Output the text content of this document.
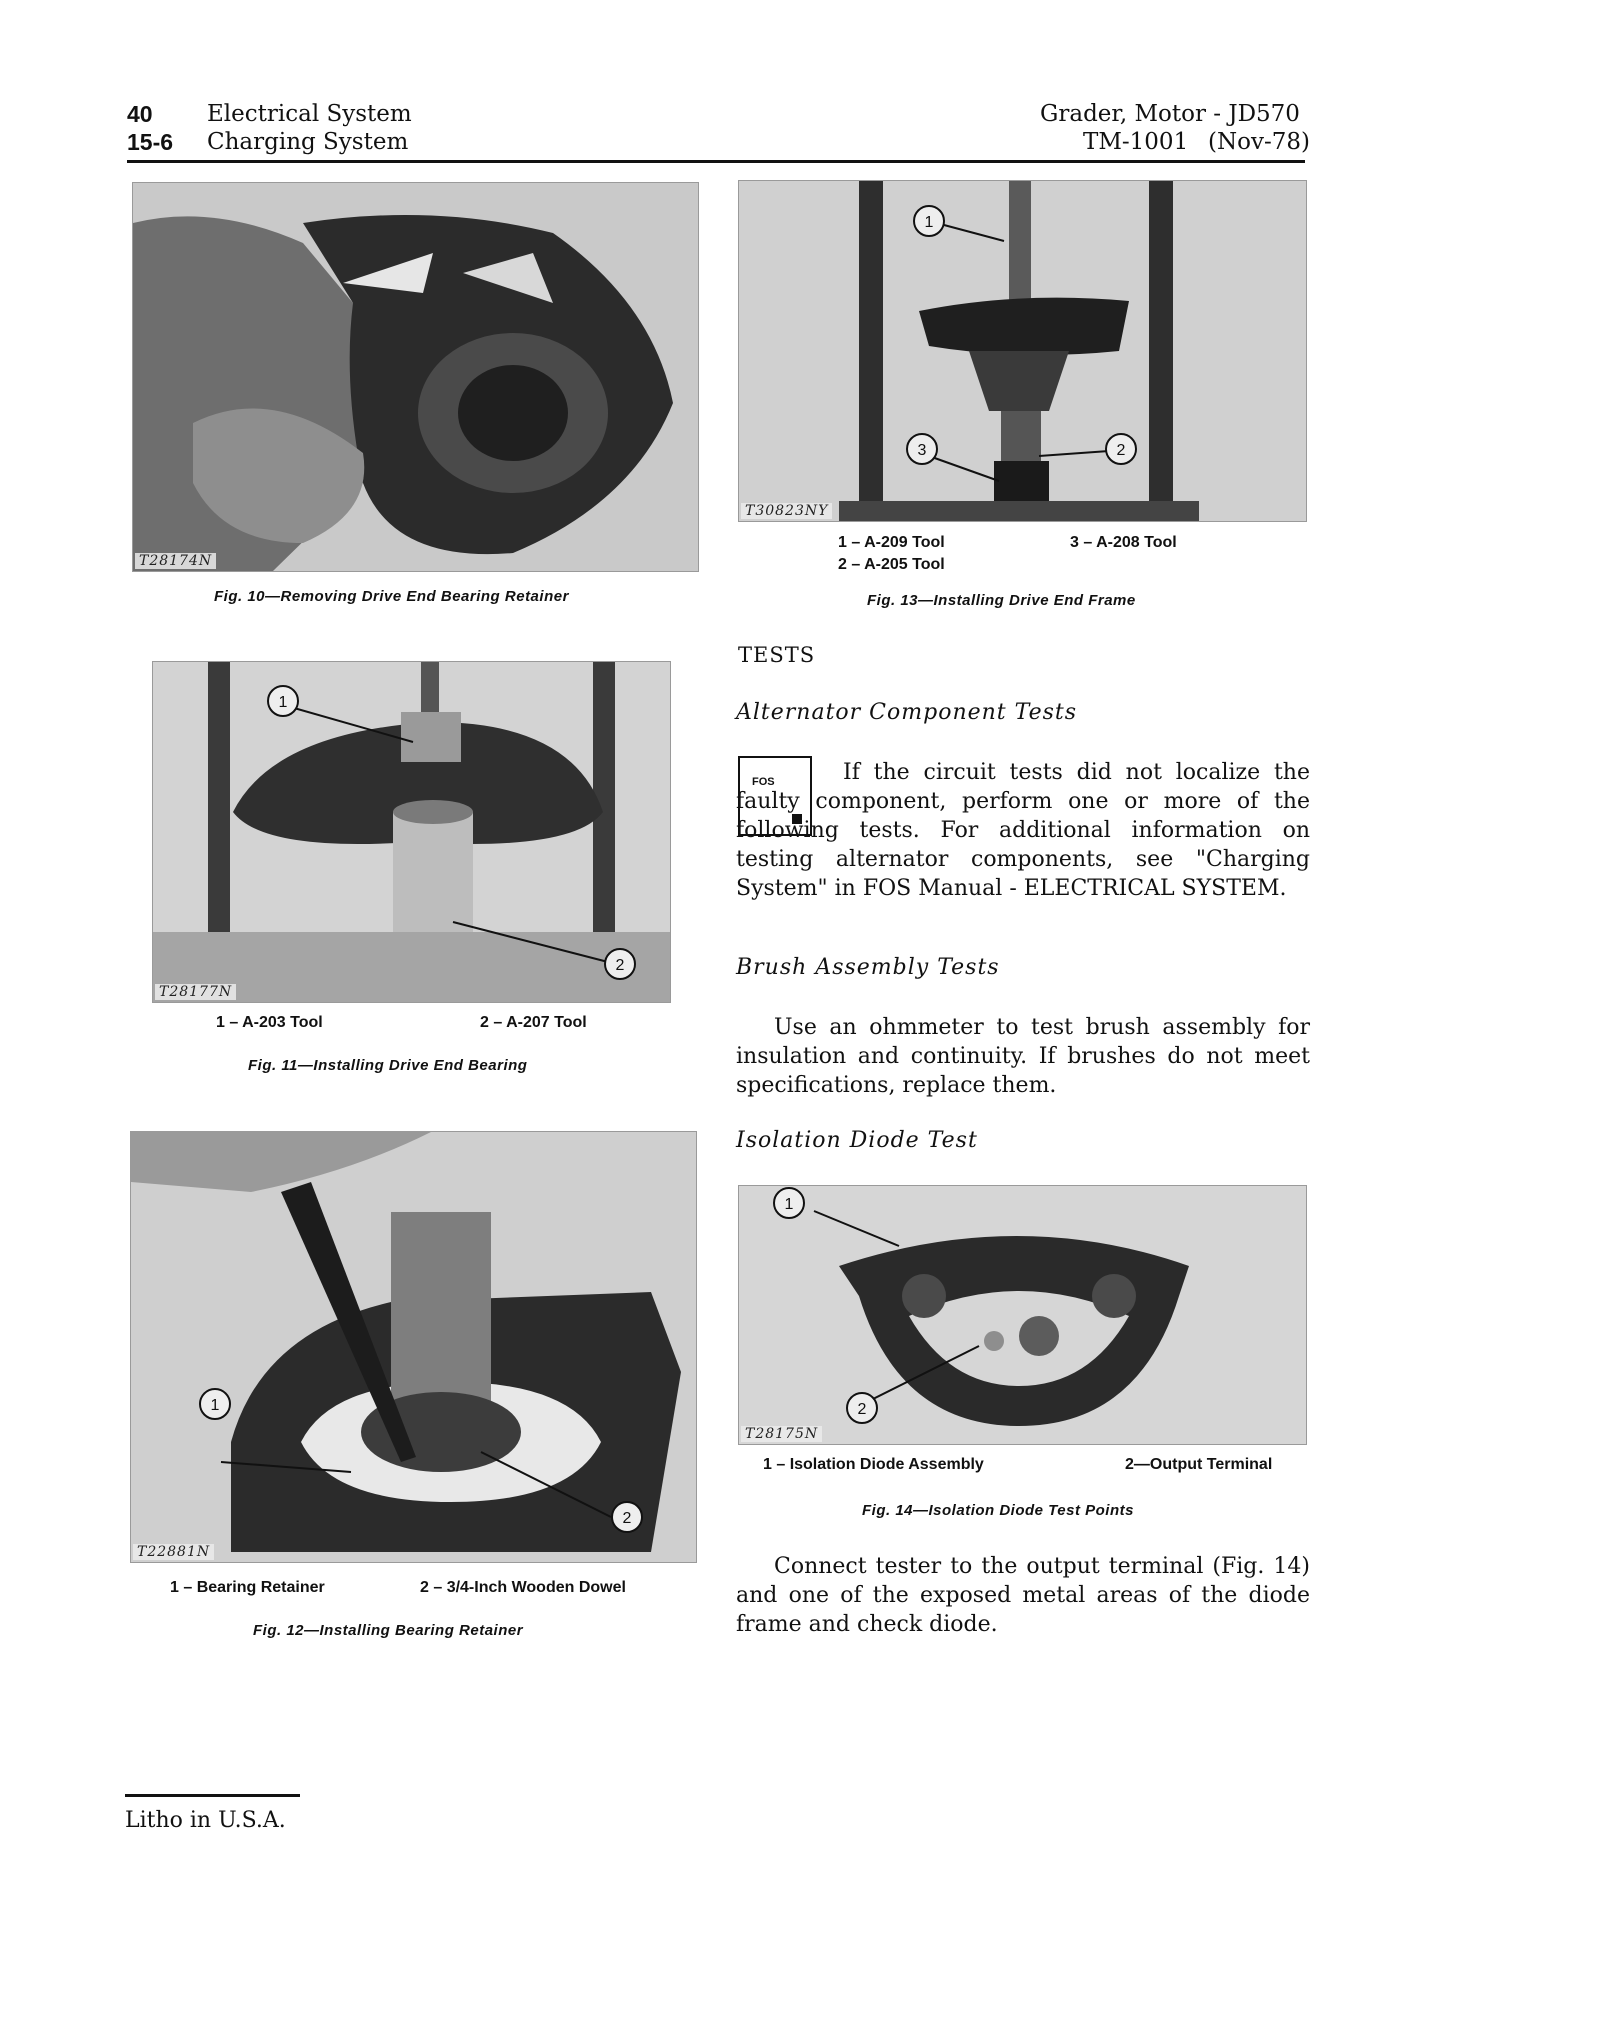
40 Electrical System
15-6 Charging System
Grader, Motor - JD570
TM-1001 (Nov-78)
T28174N
Fig. 10—Removing Drive End Bearing Retainer
1
2
T28177N
1 – A-203 Tool	2 – A-207 Tool
Fig. 11—Installing Drive End Bearing
1
2
T22881N
1 – Bearing Retainer	2 – 3/4-Inch Wooden Dowel
Fig. 12—Installing Bearing Retainer
1
3	2
T30823NY
1 – A-209 Tool
2 – A-205 Tool
3 – A-208 Tool
Fig. 13—Installing Drive End Frame
TESTS
Alternator Component Tests
FOS	If the circuit tests did not localize the faulty component, perform one or more of the following tests. For additional information on testing alternator components, see "Charging System" in FOS Manual - ELECTRICAL SYSTEM.

Brush Assembly Tests

Use an ohmmeter to test brush assembly for insulation and continuity. If brushes do not meet specifications, replace them.

Isolation Diode Test
1
2
T28175N
1 – Isolation Diode Assembly	2—Output Terminal
Fig. 14—Isolation Diode Test Points

Connect tester to the output terminal (Fig. 14) and one of the exposed metal areas of the diode frame and check diode.

Litho in U.S.A.
